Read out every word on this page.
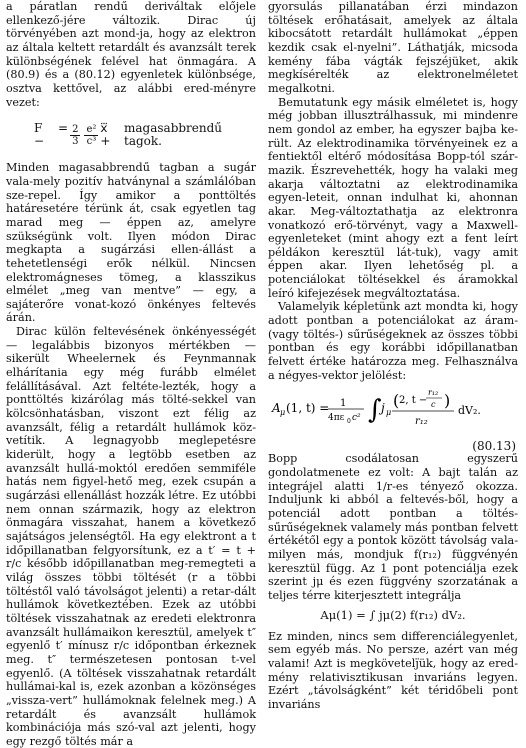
a páratlan rendű deriváltak előjele ellenkező-jére változik. Dirac új törvényében azt mond-ja, hogy az elektron az általa keltett retardált és avanzsált terek különbségének felével hat önmagára. A (80.9) és a (80.12) egyenletek különbsége, osztva kettővel, az alábbi ered-ményre vezet:

F = −	$\frac{2}{3} \frac{\text{e²}}{\text{c³}}$ x⃛ +

magasabbrendű tagok.

Minden magasabbrendű tagban a sugár vala-mely pozitív hatványnal a számlálóban sze-repel. Így amikor a ponttöltés határesetére térünk át, csak egyetlen tag marad meg — éppen az, amelyre szükségünk volt. Ilyen módon Dirac megkapta a sugárzási ellen-állást a tehetetlenségi erők nélkül. Nincsen elektromágneses tömeg, a klasszikus elmélet „meg van mentve” — egy, a sajáterőre vonat-kozó önkényes feltevés árán.

Dirac külön feltevésének önkényességét — legalábbis bizonyos mértékben — sikerült Wheelernek és Feynmannak elhárítania egy még furább elmélet felállításával. Azt feltéte-lezték, hogy a ponttöltés kizárólag más tölté-sekkel van kölcsönhatásban, viszont ezt félig az avanzsált, félig a retardált hullámok köz-vetítik. A legnagyobb meglepetésre kiderült, hogy a legtöbb esetben az avanzsált hullá-moktól eredően semmiféle hatás nem figyel-hető meg, ezek csupán a sugárzási ellenállást hozzák létre. Ez utóbbi nem onnan származik, hogy az elektron önmagára visszahat, hanem a következő sajátságos jelenségtől. Ha egy elektront a t időpillanatban felgyorsítunk, ez a t′ = t + r/c később időpillanatban meg-remegteti a világ összes többi töltését (r a többi töltéstől való távolságot jelenti) a retar-dált hullámok következtében. Ezek az utóbbi töltések visszahatnak az eredeti elektronra avanzsált hullámaikon keresztül, amelyek t″ egyenlő t′ mínusz r/c időpontban érkeznek meg. t″ természetesen pontosan t-vel egyenlő. (A töltések visszahatnak retardált hullámai-kal is, ezek azonban a közönséges „vissza-vert” hullámoknak felelnek meg.) A retardált és avanzsált hullámok kombinációja más szó-val azt jelenti, hogy egy rezgő töltés már a

gyorsulás pillanatában érzi mindazon töltések erőhatásait, amelyek az általa kibocsátott retardált hullámokat „éppen kezdik csak el-nyelni”. Láthatják, micsoda kemény fába vágták fejszéjüket, akik megkísérelték az elektronelméletet megalkotni.

Bemutatunk egy másik elméletet is, hogy még jobban illusztrálhassuk, mi mindenre nem gondol az ember, ha egyszer bajba ke-rült. Az elektrodinamika törvényeinek ez a fentiektől eltérő módosítása Bopp-tól szár-mazik. Észrevehették, hogy ha valaki meg akarja változtatni az elektrodinamika egyen-leteit, onnan indulhat ki, ahonnan akar. Meg-változtathatja az elektronra vonatkozó erő-törvényt, vagy a Maxwell-egyenleteket (mint ahogy ezt a fent leírt példákon keresztül lát-tuk), vagy amit éppen akar. Ilyen lehetőség pl. a potenciálokat töltésekkel és áramokkal leíró kifejezések megváltoztatása.

Valamelyik képletünk azt mondta ki, hogy adott pontban a potenciálokat az áram-(vagy töltés-) sűrűségeknek az összes többi pontban és egy korábbi időpillanatban felvett értéke határozza meg. Felhasználva a négyes-vektor jelölést:

A μ (1, t) = 1
4πε 0 c² ∫ j μ
( 2, t −
r₁₂
c )
r₁₂
dV₂.
(80.13)

Bopp csodálatosan egyszerű gondolatmenete ez volt: A bajt talán az integrájel alatti 1/r-es tényező okozza. Induljunk ki abból a feltevés-ből, hogy a potenciál adott pontban a töltés-sűrűségeknek valamely más pontban felvett értékétől egy a pontok között távolság vala-milyen más, mondjuk f(r₁₂) függvényén keresztül függ. Az 1 pont potenciálja ezek szerint jμ és ezen függvény szorzatának a teljes térre kiterjesztett integrálja

Aμ(1) = ∫ jμ(2) f(r₁₂) dV₂.

Ez minden, nincs sem differenciálegyenlet, sem egyéb más. No persze, azért van még valami! Azt is megkövetelj̈ük, hogy az ered-mény relativisztikusan invariáns legyen. Ezért „távolságként” két téridőbeli pont invariáns
